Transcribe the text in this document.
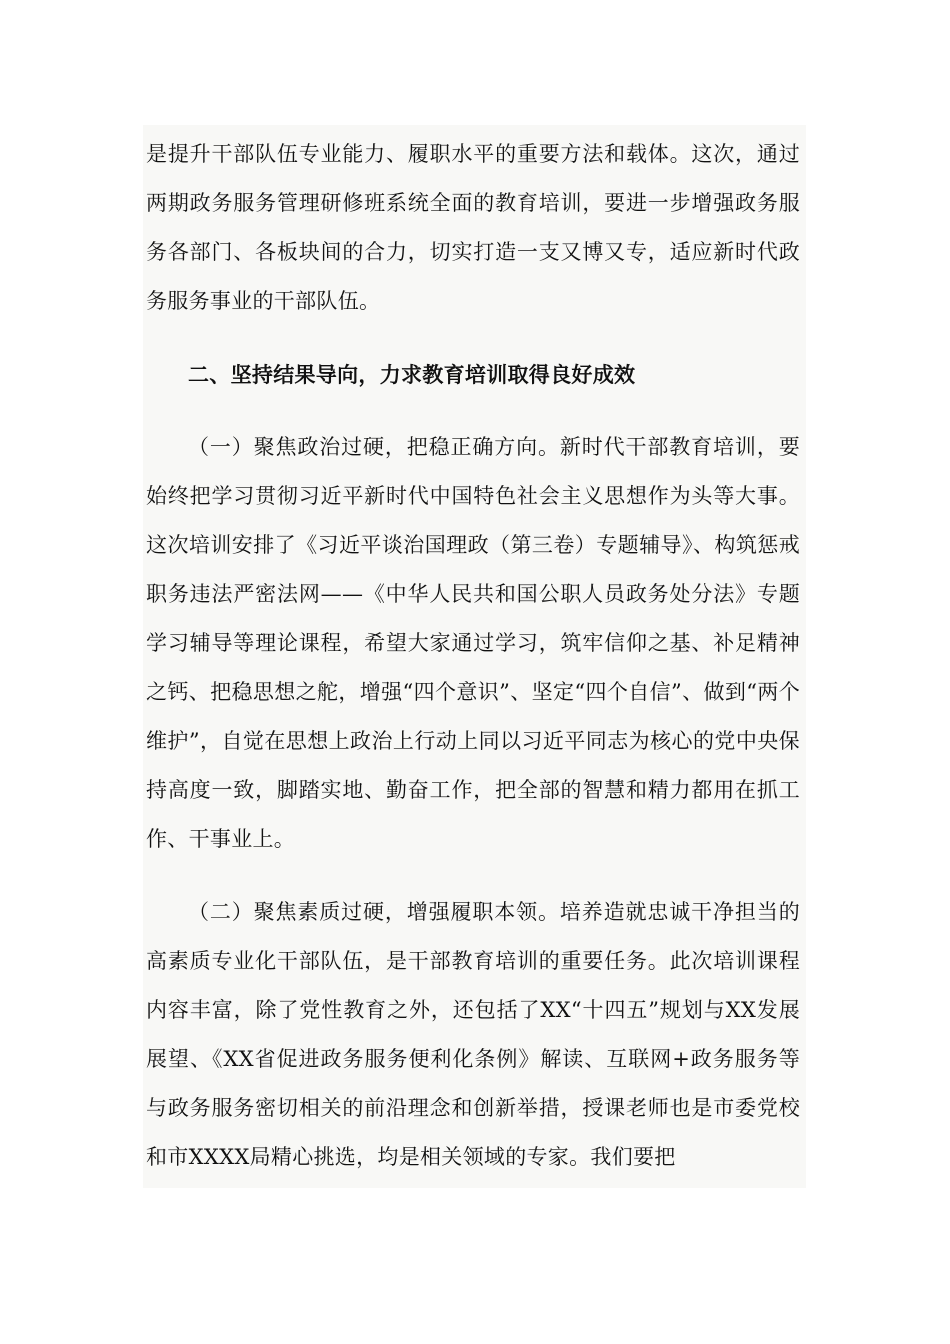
是提升干部队伍专业能力、履职水平的重要方法和载体。这次，通过两期政务服务管理研修班系统全面的教育培训，要进一步增强政务服务各部门、各板块间的合力，切实打造一支又博又专，适应新时代政务服务事业的干部队伍。

二、坚持结果导向，力求教育培训取得良好成效

（一）聚焦政治过硬，把稳正确方向。新时代干部教育培训，要始终把学习贯彻习近平新时代中国特色社会主义思想作为头等大事。这次培训安排了《习近平谈治国理政（第三卷）专题辅导》、构筑惩戒职务违法严密法网——《中华人民共和国公职人员政务处分法》专题学习辅导等理论课程，希望大家通过学习，筑牢信仰之基、补足精神之钙、把稳思想之舵，增强“四个意识”、坚定“四个自信”、做到“两个维护”，自觉在思想上政治上行动上同以习近平同志为核心的党中央保持高度一致，脚踏实地、勤奋工作，把全部的智慧和精力都用在抓工作、干事业上。

（二）聚焦素质过硬，增强履职本领。培养造就忠诚干净担当的高素质专业化干部队伍，是干部教育培训的重要任务。此次培训课程内容丰富，除了党性教育之外，还包括了XX“十四五”规划与XX发展展望、《XX省促进政务服务便利化条例》解读、互联网+政务服务等与政务服务密切相关的前沿理念和创新举措，授课老师也是市委党校和市XXXX局精心挑选，均是相关领域的专家。我们要把
